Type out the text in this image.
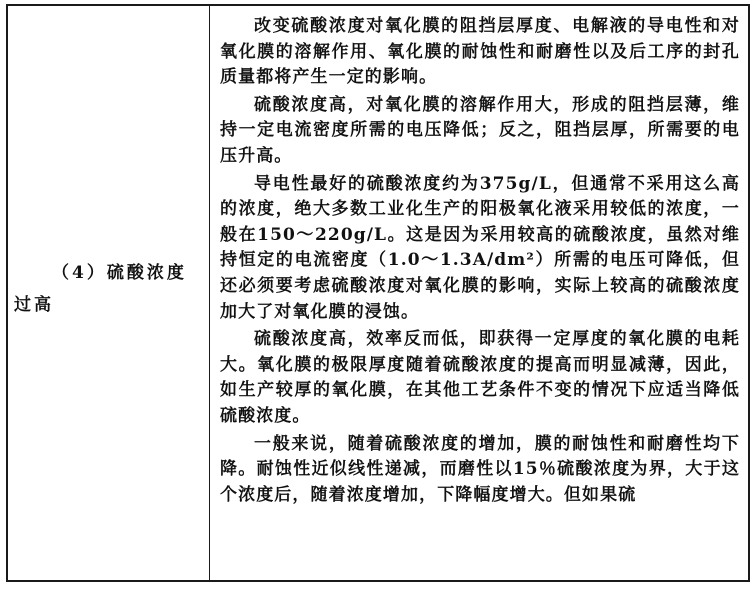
（4）硫酸浓度过高

改变硫酸浓度对氧化膜的阻挡层厚度、电解液的导电性和对氧化膜的溶解作用、氧化膜的耐蚀性和耐磨性以及后工序的封孔质量都将产生一定的影响。

硫酸浓度高，对氧化膜的溶解作用大，形成的阻挡层薄，维持一定电流密度所需的电压降低；反之，阻挡层厚，所需要的电压升高。

导电性最好的硫酸浓度约为375g/L，但通常不采用这么高的浓度，绝大多数工业化生产的阳极氧化液采用较低的浓度，一般在150～220g/L。这是因为采用较高的硫酸浓度，虽然对维持恒定的电流密度（1.0～1.3A/dm²）所需的电压可降低，但还必须要考虑硫酸浓度对氧化膜的影响，实际上较高的硫酸浓度加大了对氧化膜的浸蚀。

硫酸浓度高，效率反而低，即获得一定厚度的氧化膜的电耗大。氧化膜的极限厚度随着硫酸浓度的提高而明显减薄，因此，如生产较厚的氧化膜，在其他工艺条件不变的情况下应适当降低硫酸浓度。

一般来说，随着硫酸浓度的增加，膜的耐蚀性和耐磨性均下降。耐蚀性近似线性递减，而磨性以15％硫酸浓度为界，大于这个浓度后，随着浓度增加，下降幅度增大。但如果硫
